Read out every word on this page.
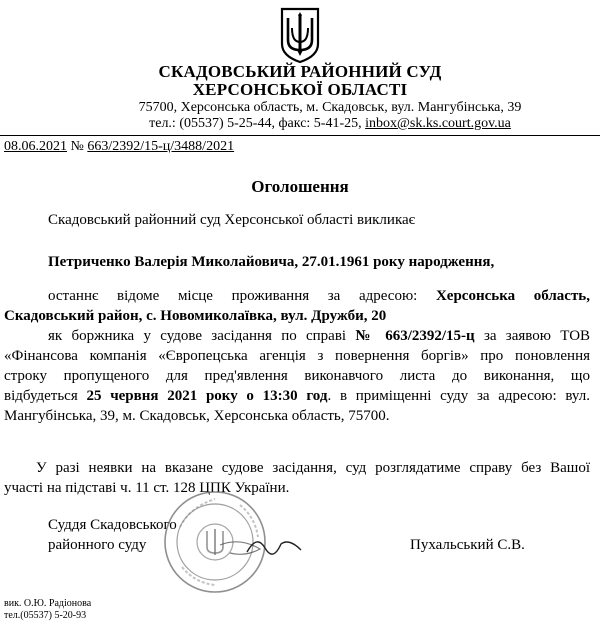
СКАДОВСЬКИЙ РАЙОННИЙ СУД
ХЕРСОНСЬКОЇ ОБЛАСТІ
75700, Херсонська область, м. Скадовськ, вул. Мангубінська, 39
тел.: (05537) 5-25-44, факс: 5-41-25, inbox@sk.ks.court.gov.ua
08.06.2021 № 663/2392/15-ц/3488/2021
Оголошення
Скадовський районний суд Херсонської області викликає
Петриченко Валерія Миколайовича, 27.01.1961 року народження,
останнє відоме місце проживання за адресою: Херсонська область,
Скадовський район, с. Новомиколаївка, вул. Дружби, 20
як боржника у судове засідання по справі № 663/2392/15-ц за заявою ТОВ
«Фінансова компанія «Європецська агенція з повернення боргів» про поновлення
строку пропущеного для пред'явлення виконавчого листа до виконання, що
відбудеться 25 червня 2021 року о 13:30 год. в приміщенні суду за адресою: вул.
Мангубінська, 39, м. Скадовськ, Херсонська область, 75700.
У разі неявки на вказане судове засідання, суд розглядатиме справу без Вашої
участі на підставі ч. 11 ст. 128 ЦПК України.
Суддя Скадовського
районного суду	Пухальський С.В.
вик. О.Ю. Радіонова
тел.(05537) 5-20-93
